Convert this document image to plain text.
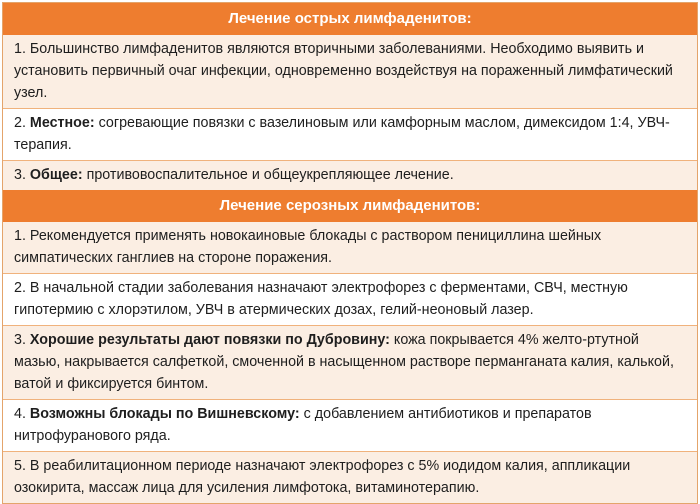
Лечение острых лимфаденитов:
1. Большинство лимфаденитов являются вторичными заболеваниями. Необходимо выявить и установить первичный очаг инфекции, одновременно воздействуя на пораженный лимфатический узел.
2. Местное: согревающие повязки с вазелиновым или камфорным маслом, димексидом 1:4, УВЧ-терапия.
3. Общее: противовоспалительное и общеукрепляющее лечение.
Лечение серозных лимфаденитов:
1. Рекомендуется применять новокаиновые блокады с раствором пенициллина шейных симпатических ганглиев на стороне поражения.
2. В начальной стадии заболевания назначают электрофорез с ферментами, СВЧ, местную гипотермию с хлорэтилом, УВЧ в атермических дозах, гелий-неоновый лазер.
3. Хорошие результаты дают повязки по Дубровину: кожа покрывается 4% желто-ртутной мазью, накрывается салфеткой, смоченной в насыщенном растворе перманганата калия, калькой, ватой и фиксируется бинтом.
4. Возможны блокады по Вишневскому: с добавлением антибиотиков и препаратов нитрофуранового ряда.
5. В реабилитационном периоде назначают электрофорез с 5% иодидом калия, аппликации озокирита, массаж лица для усиления лимфотока, витаминотерапию.
